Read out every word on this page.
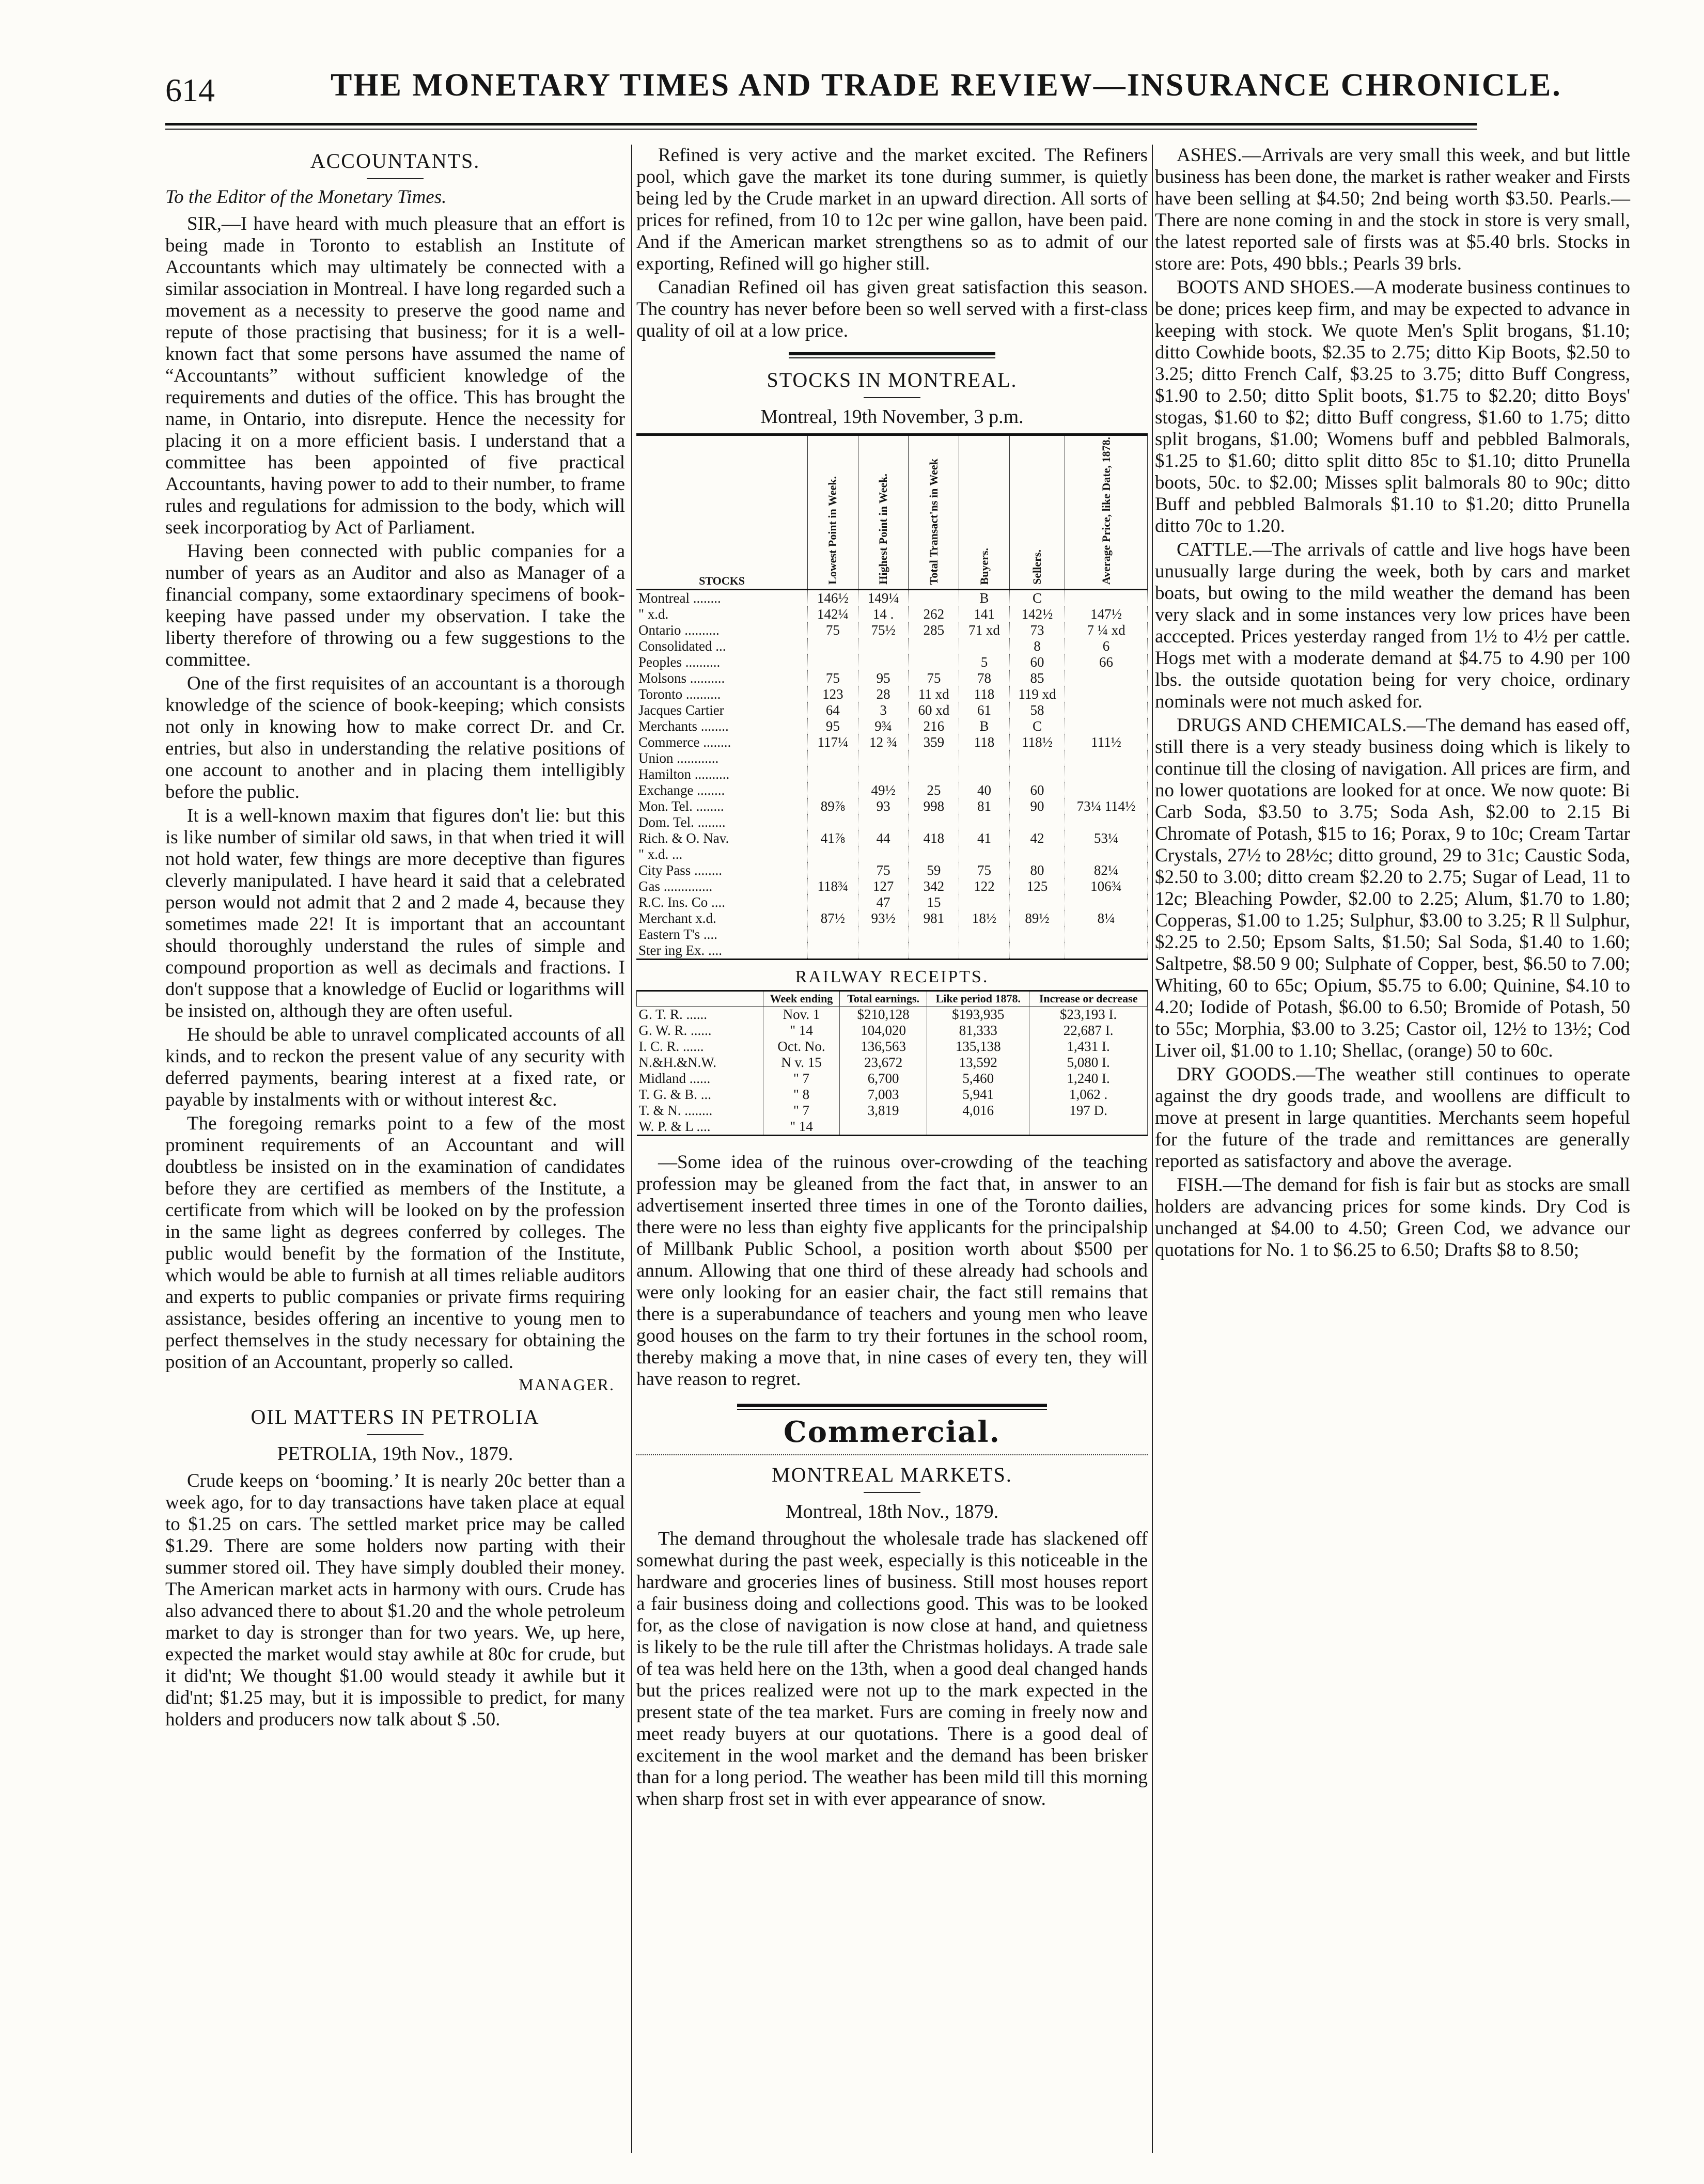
614	THE MONETARY TIMES AND TRADE REVIEW—INSURANCE CHRONICLE.
ACCOUNTANTS.

To the Editor of the Monetary Times.

SIR,—I have heard with much pleasure that an effort is being made in Toronto to establish an Institute of Accountants which may ultimately be connected with a similar association in Montreal. I have long regarded such a movement as a necessity to preserve the good name and repute of those practising that business; for it is a well-known fact that some persons have assumed the name of “Accountants” without sufficient knowledge of the requirements and duties of the office. This has brought the name, in Ontario, into disrepute. Hence the necessity for placing it on a more efficient basis. I understand that a committee has been appointed of five practical Accountants, having power to add to their number, to frame rules and regulations for admission to the body, which will seek incorporatiog by Act of Parliament.

Having been connected with public companies for a number of years as an Auditor and also as Manager of a financial company, some extaordinary specimens of book-keeping have passed under my observation. I take the liberty therefore of throwing ou a few suggestions to the committee.

One of the first requisites of an accountant is a thorough knowledge of the science of book-keeping; which consists not only in knowing how to make correct Dr. and Cr. entries, but also in understanding the relative positions of one account to another and in placing them intelligibly before the public.

It is a well-known maxim that figures don't lie: but this is like number of similar old saws, in that when tried it will not hold water, few things are more deceptive than figures cleverly manipulated. I have heard it said that a celebrated person would not admit that 2 and 2 made 4, because they sometimes made 22! It is important that an accountant should thoroughly understand the rules of simple and compound proportion as well as decimals and fractions. I don't suppose that a knowledge of Euclid or logarithms will be insisted on, although they are often useful.

He should be able to unravel complicated accounts of all kinds, and to reckon the present value of any security with deferred payments, bearing interest at a fixed rate, or payable by instalments with or without interest &c.

The foregoing remarks point to a few of the most prominent requirements of an Accountant and will doubtless be insisted on in the examination of candidates before they are certified as members of the Institute, a certificate from which will be looked on by the profession in the same light as degrees conferred by colleges. The public would benefit by the formation of the Institute, which would be able to furnish at all times reliable auditors and experts to public companies or private firms requiring assistance, besides offering an incentive to young men to perfect themselves in the study necessary for obtaining the position of an Accountant, properly so called.

MANAGER.
OIL MATTERS IN PETROLIA
PETROLIA, 19th Nov., 1879.

Crude keeps on ‘booming.’ It is nearly 20c better than a week ago, for to day transactions have taken place at equal to $1.25 on cars. The settled market price may be called $1.29. There are some holders now parting with their summer stored oil. They have simply doubled their money. The American market acts in harmony with ours. Crude has also advanced there to about $1.20 and the whole petroleum market to day is stronger than for two years. We, up here, expected the market would stay awhile at 80c for crude, but it did'nt; We thought $1.00 would steady it awhile but it did'nt; $1.25 may, but it is impossible to predict, for many holders and producers now talk about $ .50.

Refined is very active and the market excited. The Refiners pool, which gave the market its tone during summer, is quietly being led by the Crude market in an upward direction. All sorts of prices for refined, from 10 to 12c per wine gallon, have been paid. And if the American market strengthens so as to admit of our exporting, Refined will go higher still.

Canadian Refined oil has given great satisfaction this season. The country has never before been so well served with a first-class quality of oil at a low price.

STOCKS IN MONTREAL.
Montreal, 19th November, 3 p.m.
STOCKS	Lowest Point in Week.	Highest Point in Week.	Total Transact'ns in Week	Buyers.	Sellers.	Average Price, like Date, 1878.
Montreal ........	146½	149¼		B	C	
" x.d.	142¼	14 .	262	141	142½	147½
Ontario ..........	75	75½	285	71 xd	73	7 ¼ xd
Consolidated ...					8	6
Peoples ..........				5	60	66
Molsons ..........	75	95	75	78	85	
Toronto ..........	123	28	11 xd	118	119 xd	
Jacques Cartier	64	3	60 xd	61	58	
Merchants ........	95	9¾	216	B	C	
Commerce ........	117¼	12 ¾	359	118	118½	111½
Union ............						
Hamilton ..........						
Exchange ........		49½	25	40	60	
Mon. Tel. ........	89⅞	93	998	81	90	73¼ 114½
Dom. Tel. ........						
Rich. & O. Nav.	41⅞	44	418	41	42	53¼
" x.d. ...						
City Pass ........		75	59	75	80	82¼
Gas ..............	118¾	127	342	122	125	106¾
R.C. Ins. Co ....		47	15			
Merchant x.d.	87½	93½	981	18½	89½	8¼
Eastern T's ....						
Ster ing Ex. ....						
RAILWAY RECEIPTS.
	Week ending	Total earnings.	Like period 1878.	Increase or decrease
G. T. R. ......	Nov. 1	$210,128	$193,935	$23,193 I.
G. W. R. ......	" 14	104,020	81,333	22,687 I.
I. C. R. ......	Oct. No.	136,563	135,138	1,431 I.
N.&H.&N.W.	N v. 15	23,672	13,592	5,080 I.
Midland ......	" 7	6,700	5,460	1,240 I.
T. G. & B. ...	" 8	7,003	5,941	1,062 .
T. & N. ........	" 7	3,819	4,016	197 D.
W. P. & L ....	" 14			

—Some idea of the ruinous over-crowding of the teaching profession may be gleaned from the fact that, in answer to an advertisement inserted three times in one of the Toronto dailies, there were no less than eighty five applicants for the principalship of Millbank Public School, a position worth about $500 per annum. Allowing that one third of these already had schools and were only looking for an easier chair, the fact still remains that there is a superabundance of teachers and young men who leave good houses on the farm to try their fortunes in the school room, thereby making a move that, in nine cases of every ten, they will have reason to regret.

Commercial.
MONTREAL MARKETS.
Montreal, 18th Nov., 1879.

The demand throughout the wholesale trade has slackened off somewhat during the past week, especially is this noticeable in the hardware and groceries lines of business. Still most houses report a fair business doing and collections good. This was to be looked for, as the close of navigation is now close at hand, and quietness is likely to be the rule till after the Christmas holidays. A trade sale of tea was held here on the 13th, when a good deal changed hands but the prices realized were not up to the mark expected in the present state of the tea market. Furs are coming in freely now and meet ready buyers at our quotations. There is a good deal of excitement in the wool market and the demand has been brisker than for a long period. The weather has been mild till this morning when sharp frost set in with ever appearance of snow.

ASHES.—Arrivals are very small this week, and but little business has been done, the market is rather weaker and Firsts have been selling at $4.50; 2nd being worth $3.50. Pearls.—There are none coming in and the stock in store is very small, the latest reported sale of firsts was at $5.40 brls. Stocks in store are: Pots, 490 bbls.; Pearls 39 brls.

BOOTS AND SHOES.—A moderate business continues to be done; prices keep firm, and may be expected to advance in keeping with stock. We quote Men's Split brogans, $1.10; ditto Cowhide boots, $2.35 to 2.75; ditto Kip Boots, $2.50 to 3.25; ditto French Calf, $3.25 to 3.75; ditto Buff Congress, $1.90 to 2.50; ditto Split boots, $1.75 to $2.20; ditto Boys' stogas, $1.60 to $2; ditto Buff congress, $1.60 to 1.75; ditto split brogans, $1.00; Womens buff and pebbled Balmorals, $1.25 to $1.60; ditto split ditto 85c to $1.10; ditto Prunella boots, 50c. to $2.00; Misses split balmorals 80 to 90c; ditto Buff and pebbled Balmorals $1.10 to $1.20; ditto Prunella ditto 70c to 1.20.

CATTLE.—The arrivals of cattle and live hogs have been unusually large during the week, both by cars and market boats, but owing to the mild weather the demand has been very slack and in some instances very low prices have been acccepted. Prices yesterday ranged from 1½ to 4½ per cattle. Hogs met with a moderate demand at $4.75 to 4.90 per 100 lbs. the outside quotation being for very choice, ordinary nominals were not much asked for.

DRUGS AND CHEMICALS.—The demand has eased off, still there is a very steady business doing which is likely to continue till the closing of navigation. All prices are firm, and no lower quotations are looked for at once. We now quote: Bi Carb Soda, $3.50 to 3.75; Soda Ash, $2.00 to 2.15 Bi Chromate of Potash, $15 to 16; Porax, 9 to 10c; Cream Tartar Crystals, 27½ to 28½c; ditto ground, 29 to 31c; Caustic Soda, $2.50 to 3.00; ditto cream $2.20 to 2.75; Sugar of Lead, 11 to 12c; Bleaching Powder, $2.00 to 2.25; Alum, $1.70 to 1.80; Copperas, $1.00 to 1.25; Sulphur, $3.00 to 3.25; R ll Sulphur, $2.25 to 2.50; Epsom Salts, $1.50; Sal Soda, $1.40 to 1.60; Saltpetre, $8.50 9 00; Sulphate of Copper, best, $6.50 to 7.00; Whiting, 60 to 65c; Opium, $5.75 to 6.00; Quinine, $4.10 to 4.20; Iodide of Potash, $6.00 to 6.50; Bromide of Potash, 50 to 55c; Morphia, $3.00 to 3.25; Castor oil, 12½ to 13½; Cod Liver oil, $1.00 to 1.10; Shellac, (orange) 50 to 60c.

DRY GOODS.—The weather still continues to operate against the dry goods trade, and woollens are difficult to move at present in large quantities. Merchants seem hopeful for the future of the trade and remittances are generally reported as satisfactory and above the average.

FISH.—The demand for fish is fair but as stocks are small holders are advancing prices for some kinds. Dry Cod is unchanged at $4.00 to 4.50; Green Cod, we advance our quotations for No. 1 to $6.25 to 6.50; Drafts $8 to 8.50;
